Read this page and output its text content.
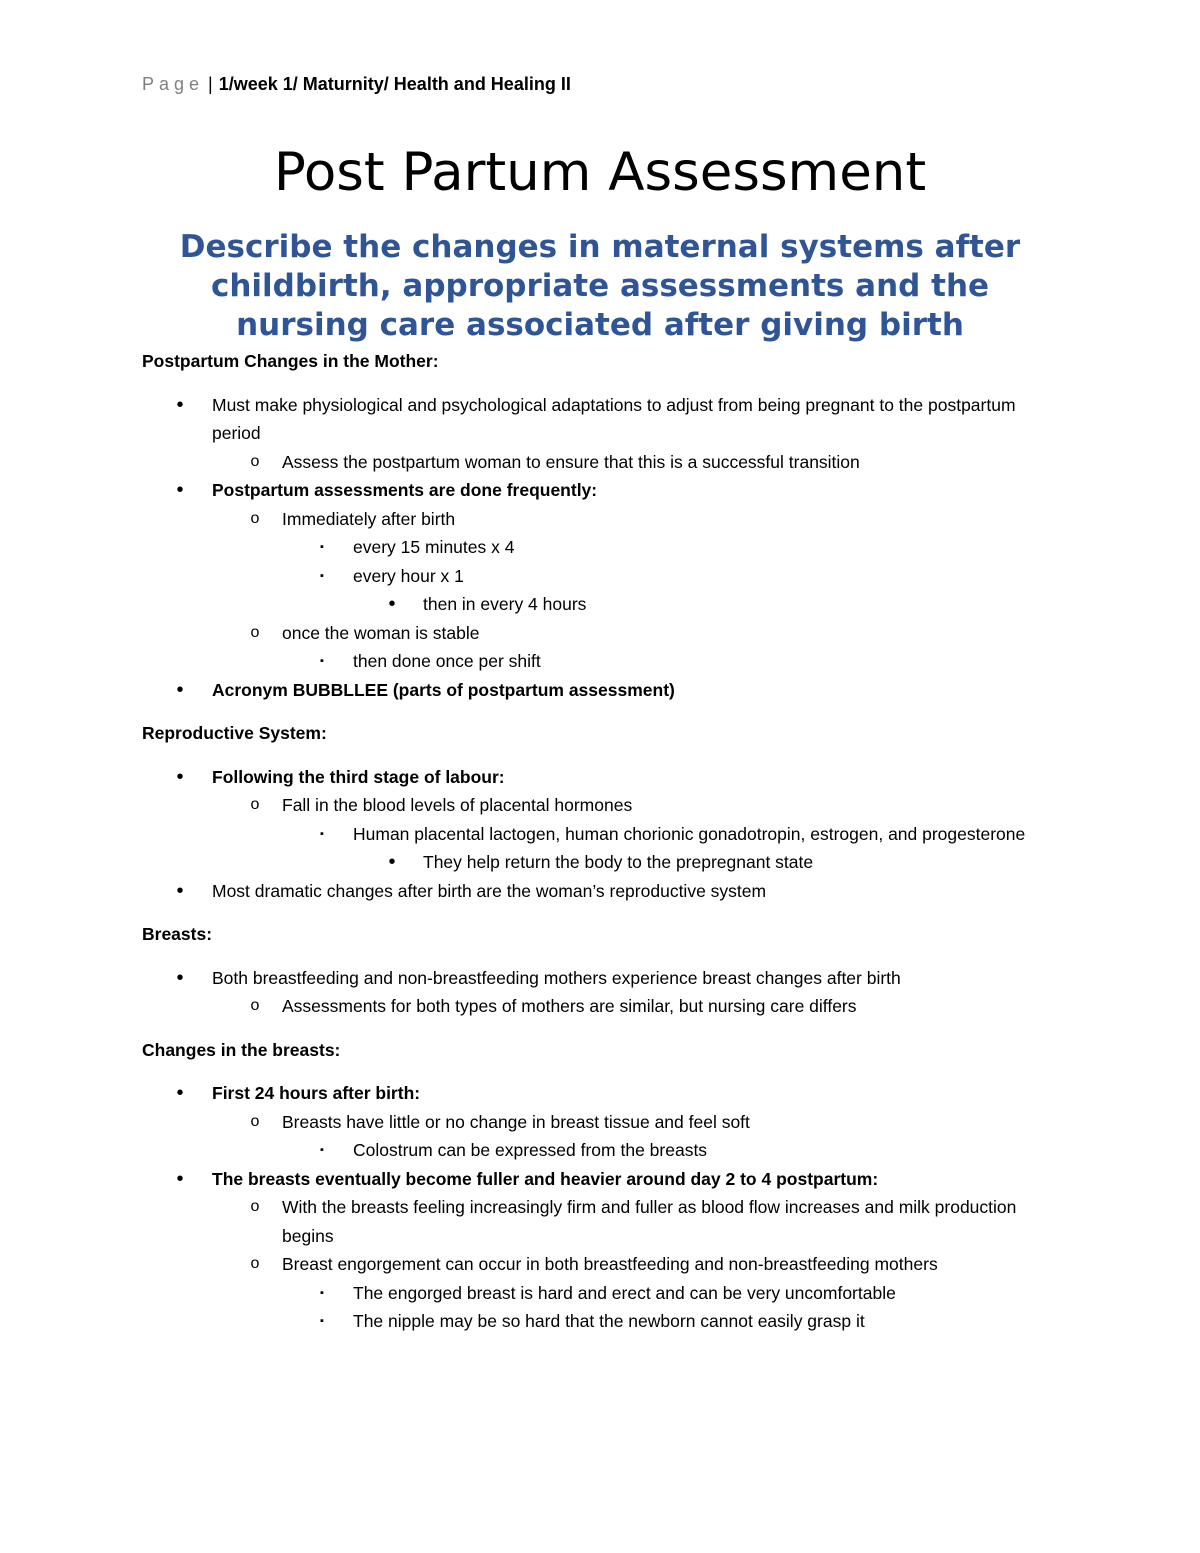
Page | 1/week 1/ Maturnity/ Health and Healing II
Post Partum Assessment
Describe the changes in maternal systems after childbirth, appropriate assessments and the nursing care associated after giving birth

Postpartum Changes in the Mother:

•	Must make physiological and psychological adaptations to adjust from being pregnant to the postpartum period
o	Assess the postpartum woman to ensure that this is a successful transition
•	Postpartum assessments are done frequently:
o	Immediately after birth
▪	every 15 minutes x 4
▪	every hour x 1
•	then in every 4 hours
o	once the woman is stable
▪	then done once per shift
•	Acronym BUBBLLEE (parts of postpartum assessment)

Reproductive System:

•	Following the third stage of labour:
o	Fall in the blood levels of placental hormones
▪	Human placental lactogen, human chorionic gonadotropin, estrogen, and progesterone
•	They help return the body to the prepregnant state
•	Most dramatic changes after birth are the woman’s reproductive system

Breasts:

•	Both breastfeeding and non-breastfeeding mothers experience breast changes after birth
o	Assessments for both types of mothers are similar, but nursing care differs

Changes in the breasts:

•	First 24 hours after birth:
o	Breasts have little or no change in breast tissue and feel soft
▪	Colostrum can be expressed from the breasts
•	The breasts eventually become fuller and heavier around day 2 to 4 postpartum:
o	With the breasts feeling increasingly firm and fuller as blood flow increases and milk production begins
o	Breast engorgement can occur in both breastfeeding and non-breastfeeding mothers
▪	The engorged breast is hard and erect and can be very uncomfortable
▪	The nipple may be so hard that the newborn cannot easily grasp it
